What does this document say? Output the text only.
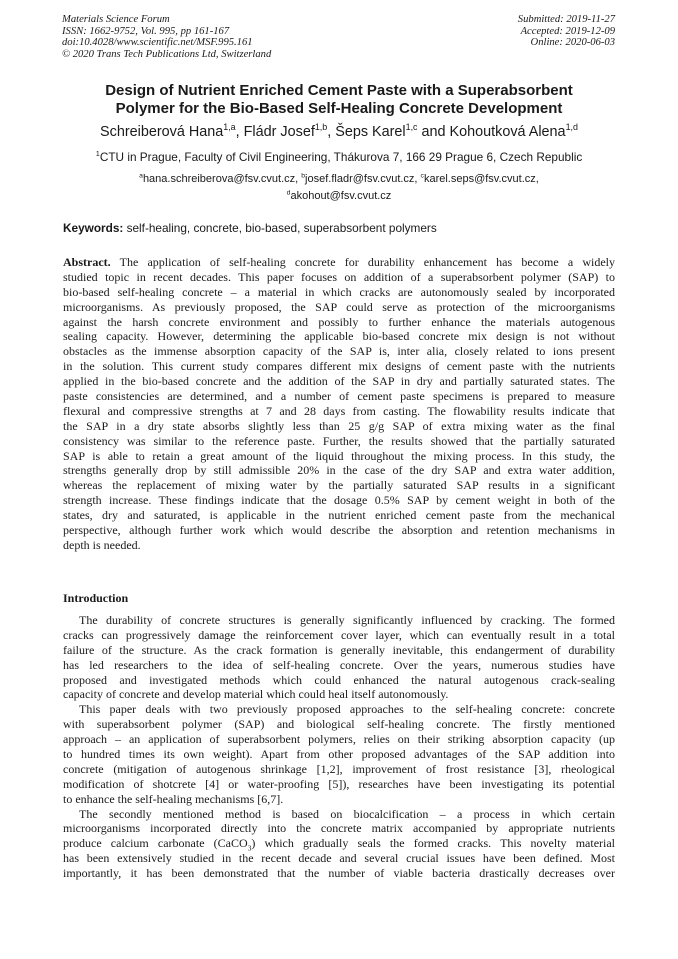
Materials Science Forum
ISSN: 1662-9752, Vol. 995, pp 161-167
doi:10.4028/www.scientific.net/MSF.995.161
© 2020 Trans Tech Publications Ltd, Switzerland
Submitted: 2019-11-27
Accepted: 2019-12-09
Online: 2020-06-03
Design of Nutrient Enriched Cement Paste with a Superabsorbent
Polymer for the Bio-Based Self-Healing Concrete Development
Schreiberová Hana$^{1,a}$, Fládr Josef$^{1,b}$, Šeps Karel$^{1,c}$ and Kohoutková Alena$^{1,d}$
$^1$CTU in Prague, Faculty of Civil Engineering, Thákurova 7, 166 29 Prague 6, Czech Republic
$^a$hana.schreiberova@fsv.cvut.cz, $^b$josef.fladr@fsv.cvut.cz, $^c$karel.seps@fsv.cvut.cz,
$^d$akohout@fsv.cvut.cz
Keywords: self-healing, concrete, bio-based, superabsorbent polymers
Abstract. The application of self-healing concrete for durability enhancement has become a widely
studied topic in recent decades. This paper focuses on addition of a superabsorbent polymer (SAP) to
bio-based self-healing concrete – a material in which cracks are autonomously sealed by incorporated
microorganisms. As previously proposed, the SAP could serve as protection of the microorganisms
against the harsh concrete environment and possibly to further enhance the materials autogenous
sealing capacity. However, determining the applicable bio-based concrete mix design is not without
obstacles as the immense absorption capacity of the SAP is, inter alia, closely related to ions present
in the solution. This current study compares different mix designs of cement paste with the nutrients
applied in the bio-based concrete and the addition of the SAP in dry and partially saturated states. The
paste consistencies are determined, and a number of cement paste specimens is prepared to measure
flexural and compressive strengths at 7 and 28 days from casting. The flowability results indicate that
the SAP in a dry state absorbs slightly less than 25 g/g SAP of extra mixing water as the final
consistency was similar to the reference paste. Further, the results showed that the partially saturated
SAP is able to retain a great amount of the liquid throughout the mixing process. In this study, the
strengths generally drop by still admissible 20% in the case of the dry SAP and extra water addition,
whereas the replacement of mixing water by the partially saturated SAP results in a significant
strength increase. These findings indicate that the dosage 0.5% SAP by cement weight in both of the
states, dry and saturated, is applicable in the nutrient enriched cement paste from the mechanical
perspective, although further work which would describe the absorption and retention mechanisms in
depth is needed.
Introduction
The durability of concrete structures is generally significantly influenced by cracking. The formed
cracks can progressively damage the reinforcement cover layer, which can eventually result in a total
failure of the structure. As the crack formation is generally inevitable, this endangerment of durability
has led researchers to the idea of self-healing concrete. Over the years, numerous studies have
proposed and investigated methods which could enhanced the natural autogenous crack-sealing
capacity of concrete and develop material which could heal itself autonomously.
This paper deals with two previously proposed approaches to the self-healing concrete: concrete
with superabsorbent polymer (SAP) and biological self-healing concrete. The firstly mentioned
approach – an application of superabsorbent polymers, relies on their striking absorption capacity (up
to hundred times its own weight). Apart from other proposed advantages of the SAP addition into
concrete (mitigation of autogenous shrinkage [1,2], improvement of frost resistance [3], rheological
modification of shotcrete [4] or water-proofing [5]), researches have been investigating its potential
to enhance the self-healing mechanisms [6,7].
The secondly mentioned method is based on biocalcification – a process in which certain
microorganisms incorporated directly into the concrete matrix accompanied by appropriate nutrients
produce calcium carbonate (CaCO$_3$) which gradually seals the formed cracks. This novelty material
has been extensively studied in the recent decade and several crucial issues have been defined. Most
importantly, it has been demonstrated that the number of viable bacteria drastically decreases over
